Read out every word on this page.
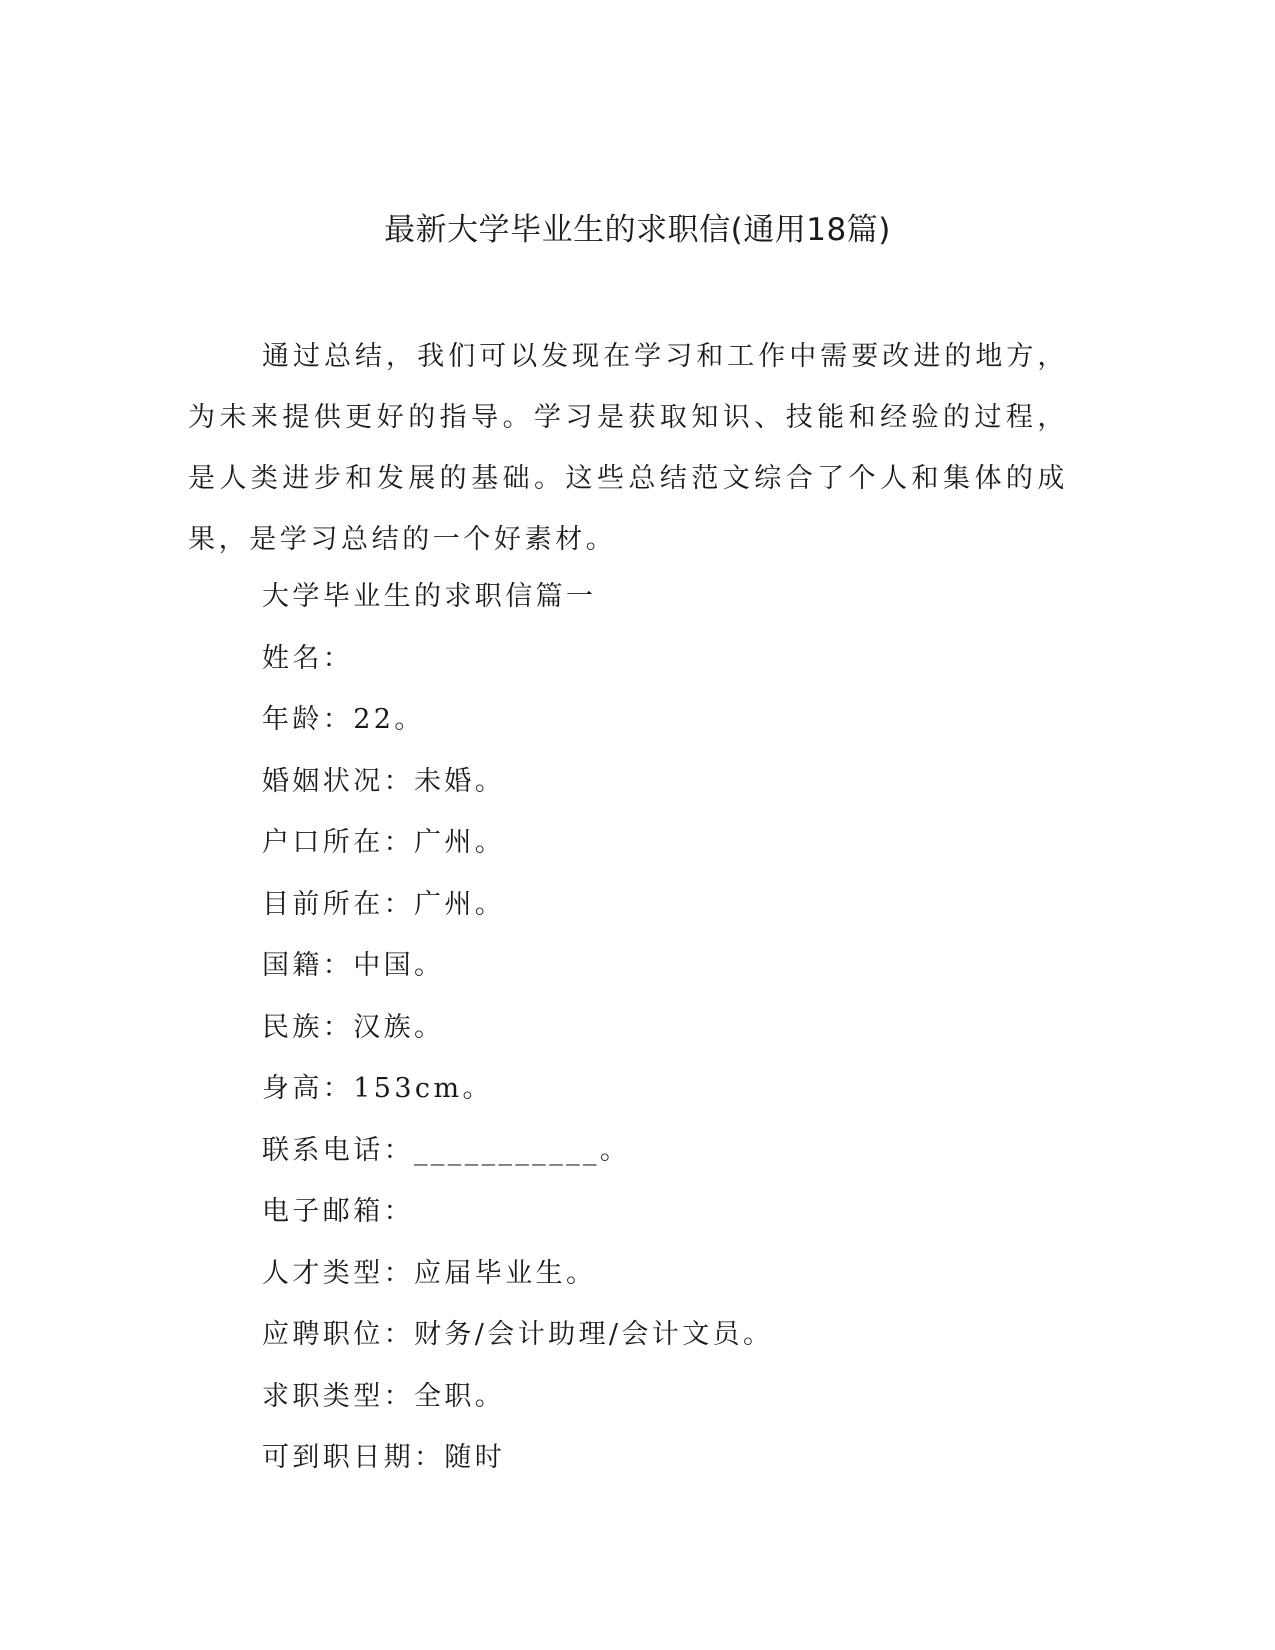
最新大学毕业生的求职信(通用18篇)

通过总结，我们可以发现在学习和工作中需要改进的地方，为未来提供更好的指导。学习是获取知识、技能和经验的过程，是人类进步和发展的基础。这些总结范文综合了个人和集体的成果，是学习总结的一个好素材。

大学毕业生的求职信篇一
姓名：
年龄：22。
婚姻状况：未婚。
户口所在：广州。
目前所在：广州。
国籍：中国。
民族：汉族。
身高：153cm。
联系电话：___________。
电子邮箱：
人才类型：应届毕业生。
应聘职位：财务/会计助理/会计文员。
求职类型：全职。
可到职日期：随时
